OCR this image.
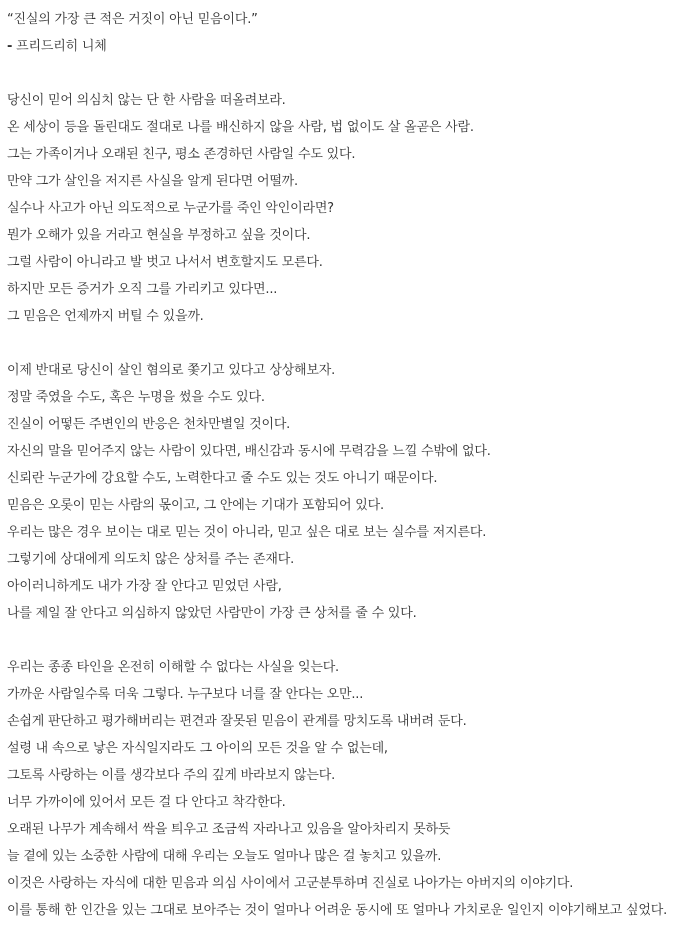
“진실의 가장 큰 적은 거짓이 아닌 믿음이다.”
- 프리드리히 니체
당신이 믿어 의심치 않는 단 한 사람을 떠올려보라.
온 세상이 등을 돌린대도 절대로 나를 배신하지 않을 사람, 법 없이도 살 올곧은 사람.
그는 가족이거나 오래된 친구, 평소 존경하던 사람일 수도 있다.
만약 그가 살인을 저지른 사실을 알게 된다면 어떨까.
실수나 사고가 아닌 의도적으로 누군가를 죽인 악인이라면?
뭔가 오해가 있을 거라고 현실을 부정하고 싶을 것이다.
그럴 사람이 아니라고 발 벗고 나서서 변호할지도 모른다.
하지만 모든 증거가 오직 그를 가리키고 있다면...
그 믿음은 언제까지 버틸 수 있을까.
이제 반대로 당신이 살인 혐의로 쫓기고 있다고 상상해보자.
정말 죽였을 수도, 혹은 누명을 썼을 수도 있다.
진실이 어떻든 주변인의 반응은 천차만별일 것이다.
자신의 말을 믿어주지 않는 사람이 있다면, 배신감과 동시에 무력감을 느낄 수밖에 없다.
신뢰란 누군가에 강요할 수도, 노력한다고 줄 수도 있는 것도 아니기 때문이다.
믿음은 오롯이 믿는 사람의 몫이고, 그 안에는 기대가 포함되어 있다.
우리는 많은 경우 보이는 대로 믿는 것이 아니라, 믿고 싶은 대로 보는 실수를 저지른다.
그렇기에 상대에게 의도치 않은 상처를 주는 존재다.
아이러니하게도 내가 가장 잘 안다고 믿었던 사람,
나를 제일 잘 안다고 의심하지 않았던 사람만이 가장 큰 상처를 줄 수 있다.
우리는 종종 타인을 온전히 이해할 수 없다는 사실을 잊는다.
가까운 사람일수록 더욱 그렇다. 누구보다 너를 잘 안다는 오만...
손쉽게 판단하고 평가해버리는 편견과 잘못된 믿음이 관계를 망치도록 내버려 둔다.
설령 내 속으로 낳은 자식일지라도 그 아이의 모든 것을 알 수 없는데,
그토록 사랑하는 이를 생각보다 주의 깊게 바라보지 않는다.
너무 가까이에 있어서 모든 걸 다 안다고 착각한다.
오래된 나무가 계속해서 싹을 틔우고 조금씩 자라나고 있음을 알아차리지 못하듯
늘 곁에 있는 소중한 사람에 대해 우리는 오늘도 얼마나 많은 걸 놓치고 있을까.
이것은 사랑하는 자식에 대한 믿음과 의심 사이에서 고군분투하며 진실로 나아가는 아버지의 이야기다.
이를 통해 한 인간을 있는 그대로 보아주는 것이 얼마나 어려운 동시에 또 얼마나 가치로운 일인지 이야기해보고 싶었다.
